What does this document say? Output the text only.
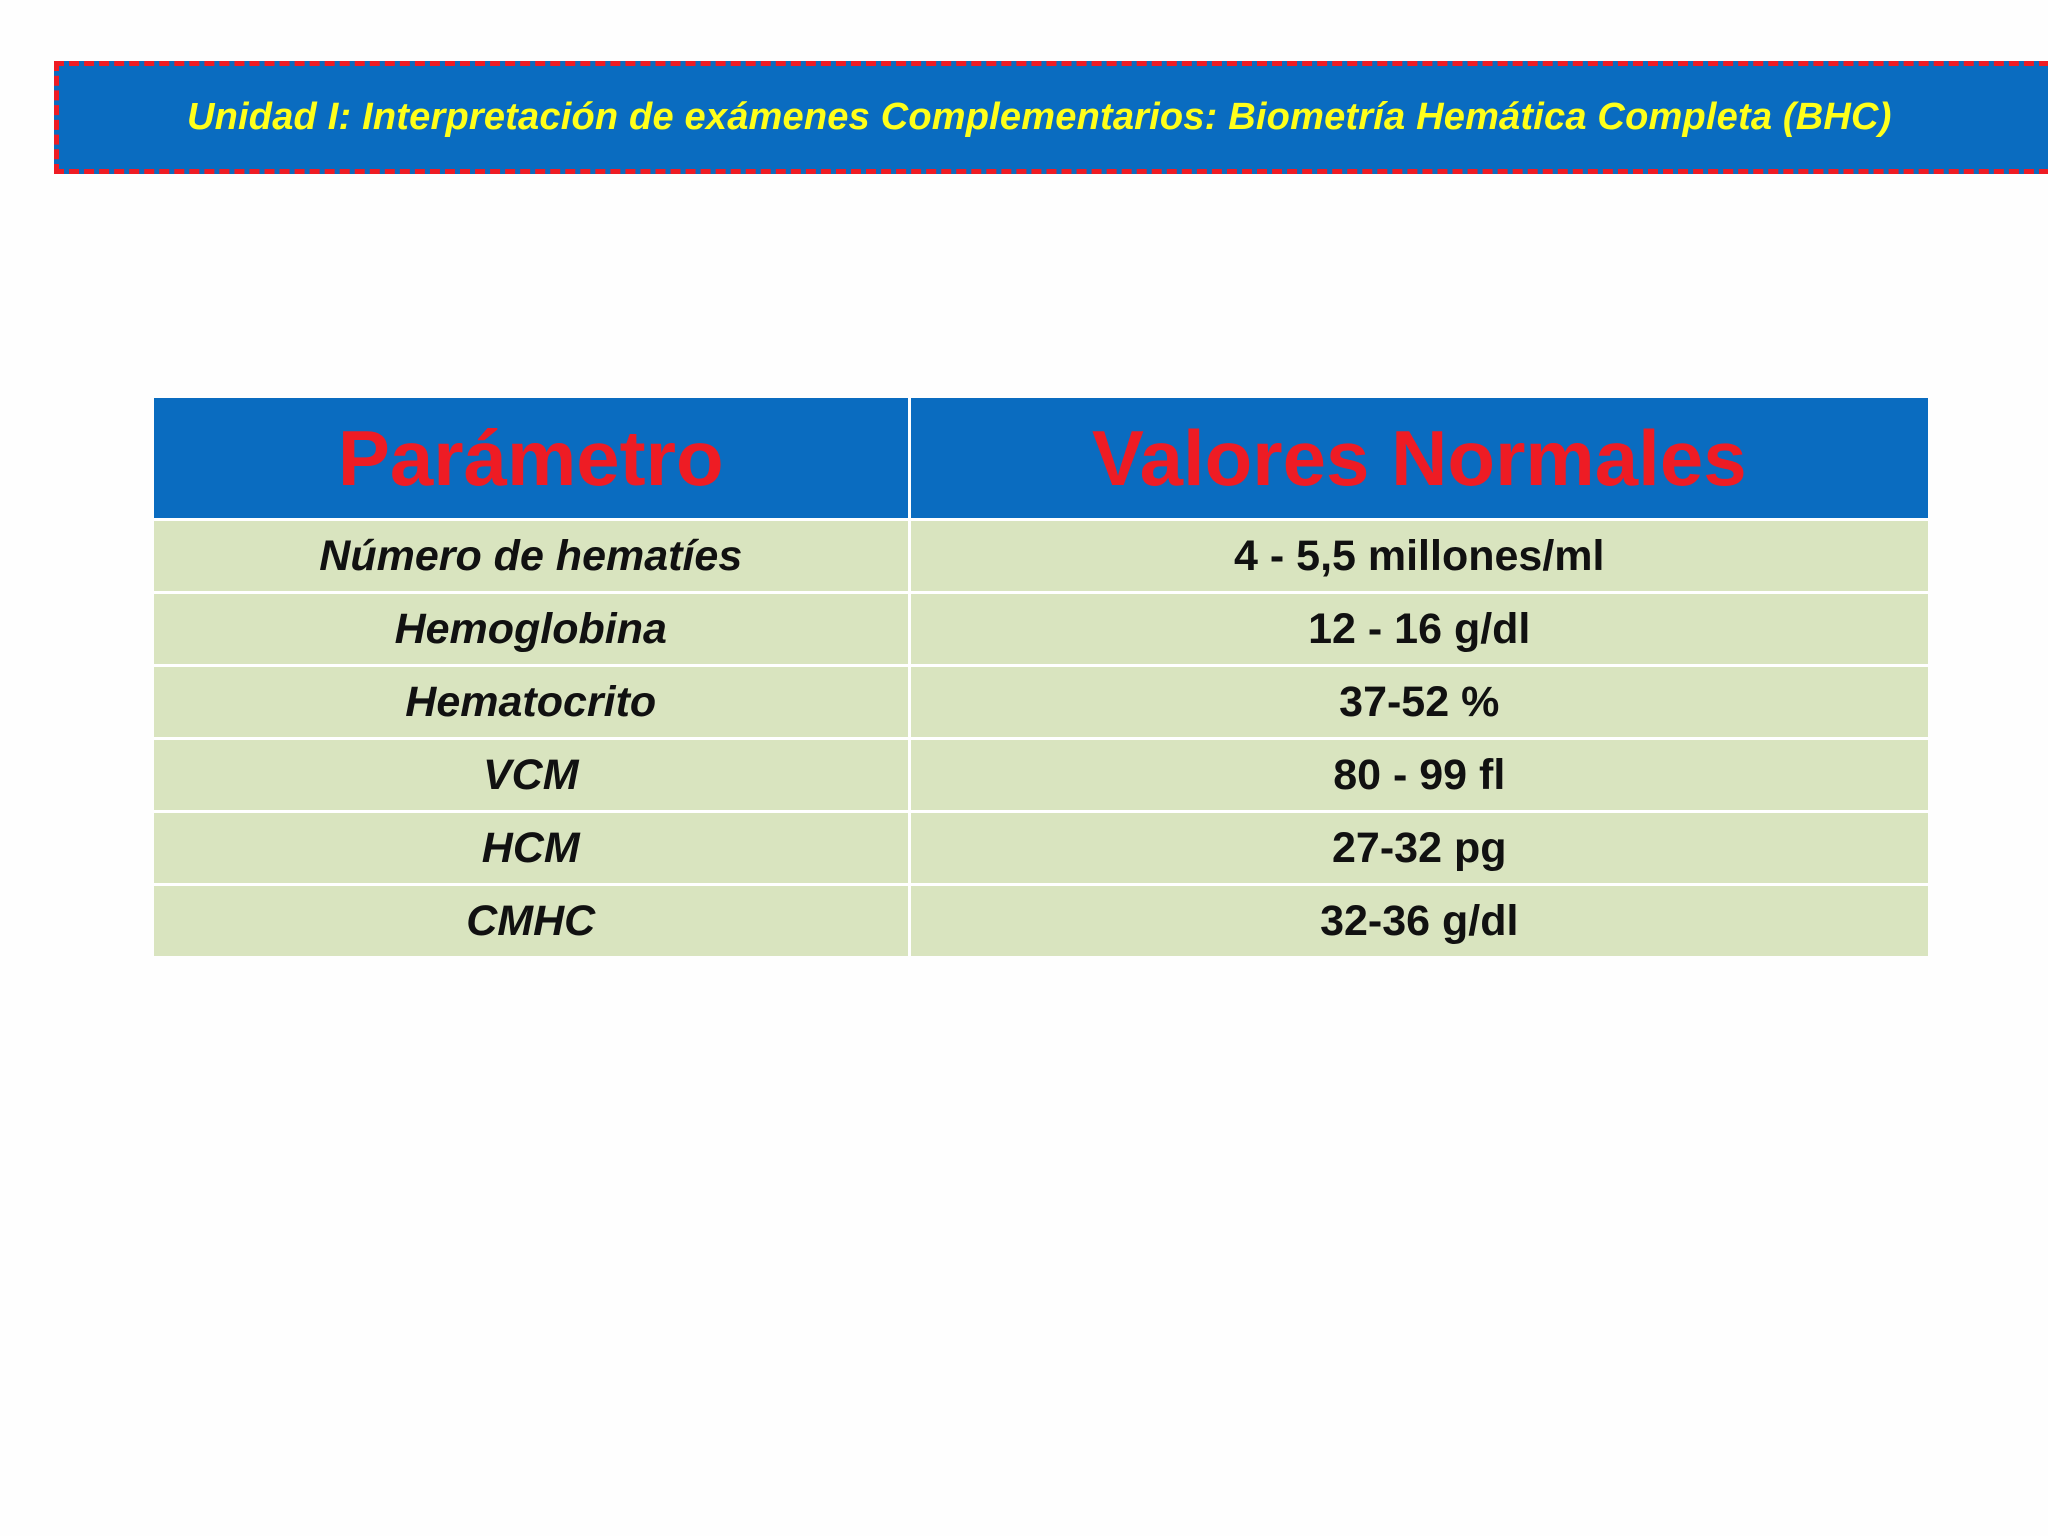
Unidad I: Interpretación de exámenes Complementarios: Biometría Hemática Completa (BHC)
Parámetro	Valores Normales
Número de hematíes	4 - 5,5 millones/ml
Hemoglobina	12 - 16 g/dl
Hematocrito	37-52 %
VCM	80 - 99 fl
HCM	27-32 pg
CMHC	32-36 g/dl
